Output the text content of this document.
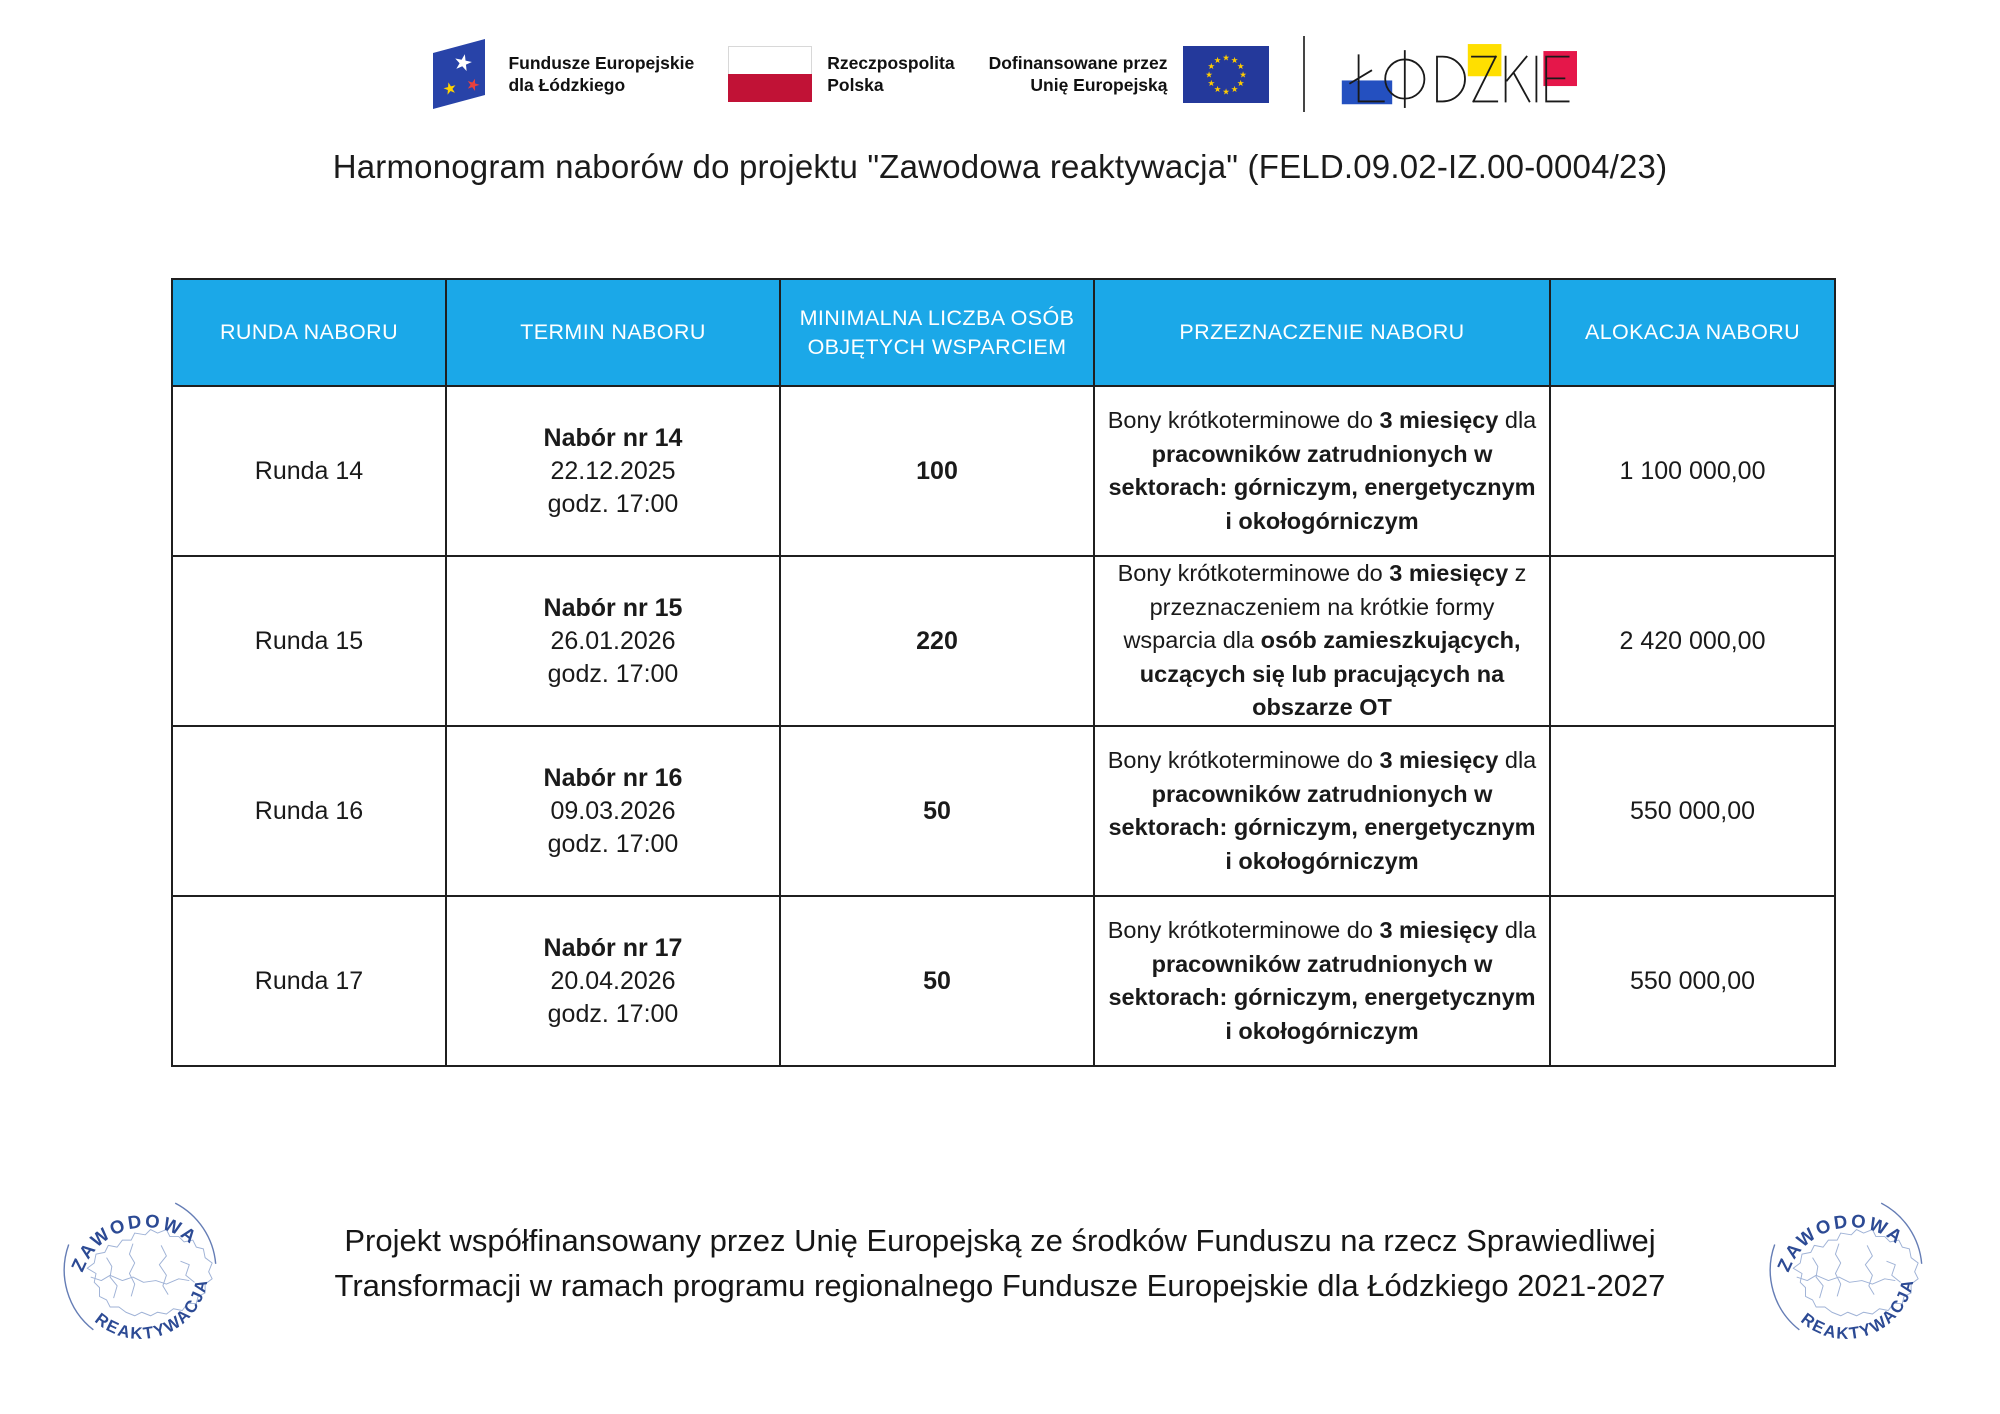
★
★ ★
Fundusze Europejskie
dla Łódzkiego
Rzeczpospolita
Polska
Dofinansowane przez
Unię Europejską
★
★
★
★
★
★
★
★
★ ★ ★
★
Harmonogram naborów do projektu "Zawodowa reaktywacja" (FELD.09.02-IZ.00-0004/23)
RUNDA NABORU	TERMIN NABORU	MINIMALNA LICZBA OSÓB OBJĘTYCH WSPARCIEM	PRZEZNACZENIE NABORU	ALOKACJA NABORU
Runda 14	Nabór nr 14
22.12.2025
godz. 17:00	100	Bony krótkoterminowe do 3 miesięcy dla pracowników zatrudnionych w sektorach: górniczym, energetycznym i okołogórniczym	1 100 000,00
Runda 15	Nabór nr 15
26.01.2026
godz. 17:00	220	Bony krótkoterminowe do 3 miesięcy z przeznaczeniem na krótkie formy wsparcia dla osób zamieszkujących, uczących się lub pracujących na obszarze OT	2 420 000,00
Runda 16	Nabór nr 16
09.03.2026
godz. 17:00	50	Bony krótkoterminowe do 3 miesięcy dla pracowników zatrudnionych w sektorach: górniczym, energetycznym i okołogórniczym	550 000,00
Runda 17	Nabór nr 17
20.04.2026
godz. 17:00	50	Bony krótkoterminowe do 3 miesięcy dla pracowników zatrudnionych w sektorach: górniczym, energetycznym i okołogórniczym	550 000,00
Projekt współfinansowany przez Unię Europejską ze środków Funduszu na rzecz Sprawiedliwej
Transformacji w ramach programu regionalnego Fundusze Europejskie dla Łódzkiego 2021-2027
